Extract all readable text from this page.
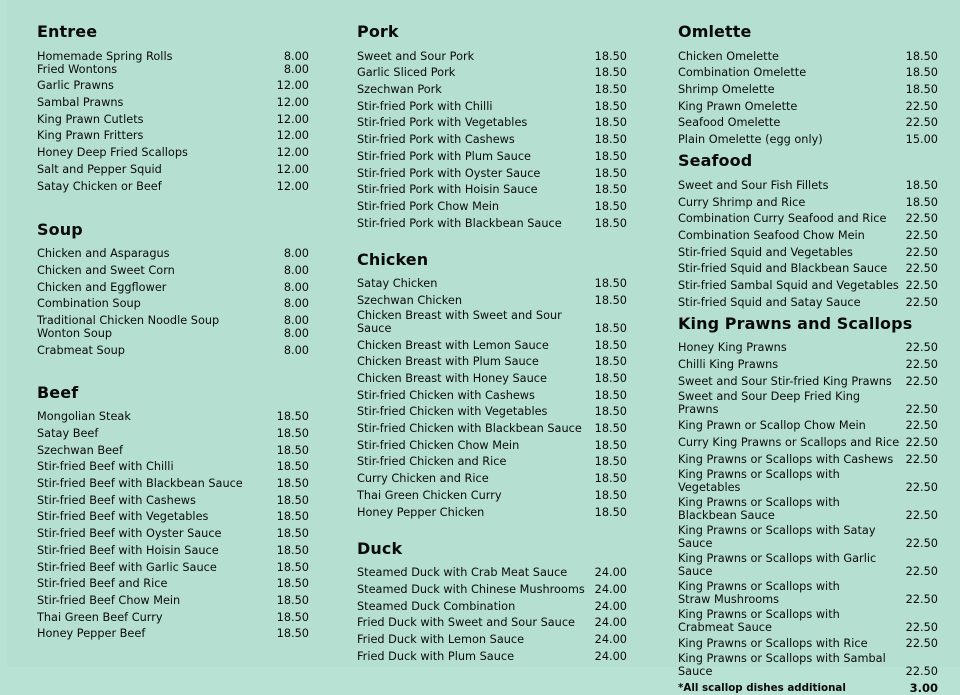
Entree
Homemade Spring Rolls	8.00
Fried Wontons	8.00
Garlic Prawns	12.00
Sambal Prawns	12.00
King Prawn Cutlets	12.00
King Prawn Fritters	12.00
Honey Deep Fried Scallops	12.00
Salt and Pepper Squid	12.00
Satay Chicken or Beef	12.00
Soup
Chicken and Asparagus	8.00
Chicken and Sweet Corn	8.00
Chicken and Eggflower	8.00
Combination Soup	8.00
Traditional Chicken Noodle Soup	8.00
Wonton Soup	8.00
Crabmeat Soup	8.00
Beef
Mongolian Steak	18.50
Satay Beef	18.50
Szechwan Beef	18.50
Stir-fried Beef with Chilli	18.50
Stir-fried Beef with Blackbean Sauce	18.50
Stir-fried Beef with Cashews	18.50
Stir-fried Beef with Vegetables	18.50
Stir-fried Beef with Oyster Sauce	18.50
Stir-fried Beef with Hoisin Sauce	18.50
Stir-fried Beef with Garlic Sauce	18.50
Stir-fried Beef and Rice	18.50
Stir-fried Beef Chow Mein	18.50
Thai Green Beef Curry	18.50
Honey Pepper Beef	18.50
Pork
Sweet and Sour Pork	18.50
Garlic Sliced Pork	18.50
Szechwan Pork	18.50
Stir-fried Pork with Chilli	18.50
Stir-fried Pork with Vegetables	18.50
Stir-fried Pork with Cashews	18.50
Stir-fried Pork with Plum Sauce	18.50
Stir-fried Pork with Oyster Sauce	18.50
Stir-fried Pork with Hoisin Sauce	18.50
Stir-fried Pork Chow Mein	18.50
Stir-fried Pork with Blackbean Sauce	18.50
Chicken
Satay Chicken	18.50
Szechwan Chicken	18.50
Chicken Breast with Sweet and Sour Sauce	18.50
Chicken Breast with Lemon Sauce	18.50
Chicken Breast with Plum Sauce	18.50
Chicken Breast with Honey Sauce	18.50
Stir-fried Chicken with Cashews	18.50
Stir-fried Chicken with Vegetables	18.50
Stir-fried Chicken with Blackbean Sauce 18.50
Stir-fried Chicken Chow Mein	18.50
Stir-fried Chicken and Rice	18.50
Curry Chicken and Rice	18.50
Thai Green Chicken Curry	18.50
Honey Pepper Chicken	18.50
Duck
Steamed Duck with Crab Meat Sauce 24.00
Steamed Duck with Chinese Mushrooms 24.00
Steamed Duck Combination	24.00
Fried Duck with Sweet and Sour Sauce 24.00
Fried Duck with Lemon Sauce	24.00
Fried Duck with Plum Sauce	24.00
Omlette
Chicken Omelette	18.50
Combination Omelette	18.50
Shrimp Omelette	18.50
King Prawn Omelette	22.50
Seafood Omelette	22.50
Plain Omelette (egg only)	15.00
Seafood
Sweet and Sour Fish Fillets	18.50
Curry Shrimp and Rice	18.50
Combination Curry Seafood and Rice 22.50
Combination Seafood Chow Mein	22.50
Stir-fried Squid and Vegetables	22.50
Stir-fried Squid and Blackbean Sauce 22.50
Stir-fried Sambal Squid and Vegetables 22.50
Stir-fried Squid and Satay Sauce	22.50
King Prawns and Scallops
Honey King Prawns	22.50
Chilli King Prawns	22.50
Sweet and Sour Stir-fried King Prawns 22.50
Sweet and Sour Deep Fried King Prawns	22.50
King Prawn or Scallop Chow Mein	22.50
Curry King Prawns or Scallops and Rice 22.50
King Prawns or Scallops with Cashews 22.50
King Prawns or Scallops with Vegetables	22.50
King Prawns or Scallops with
Blackbean Sauce	22.50
King Prawns or Scallops with Satay Sauce	22.50
King Prawns or Scallops with Garlic Sauce	22.50
King Prawns or Scallops with
Straw Mushrooms	22.50
King Prawns or Scallops with
Crabmeat Sauce	22.50
King Prawns or Scallops with Rice	22.50
King Prawns or Scallops with Sambal Sauce	22.50
*All scallop dishes additional	3.00
